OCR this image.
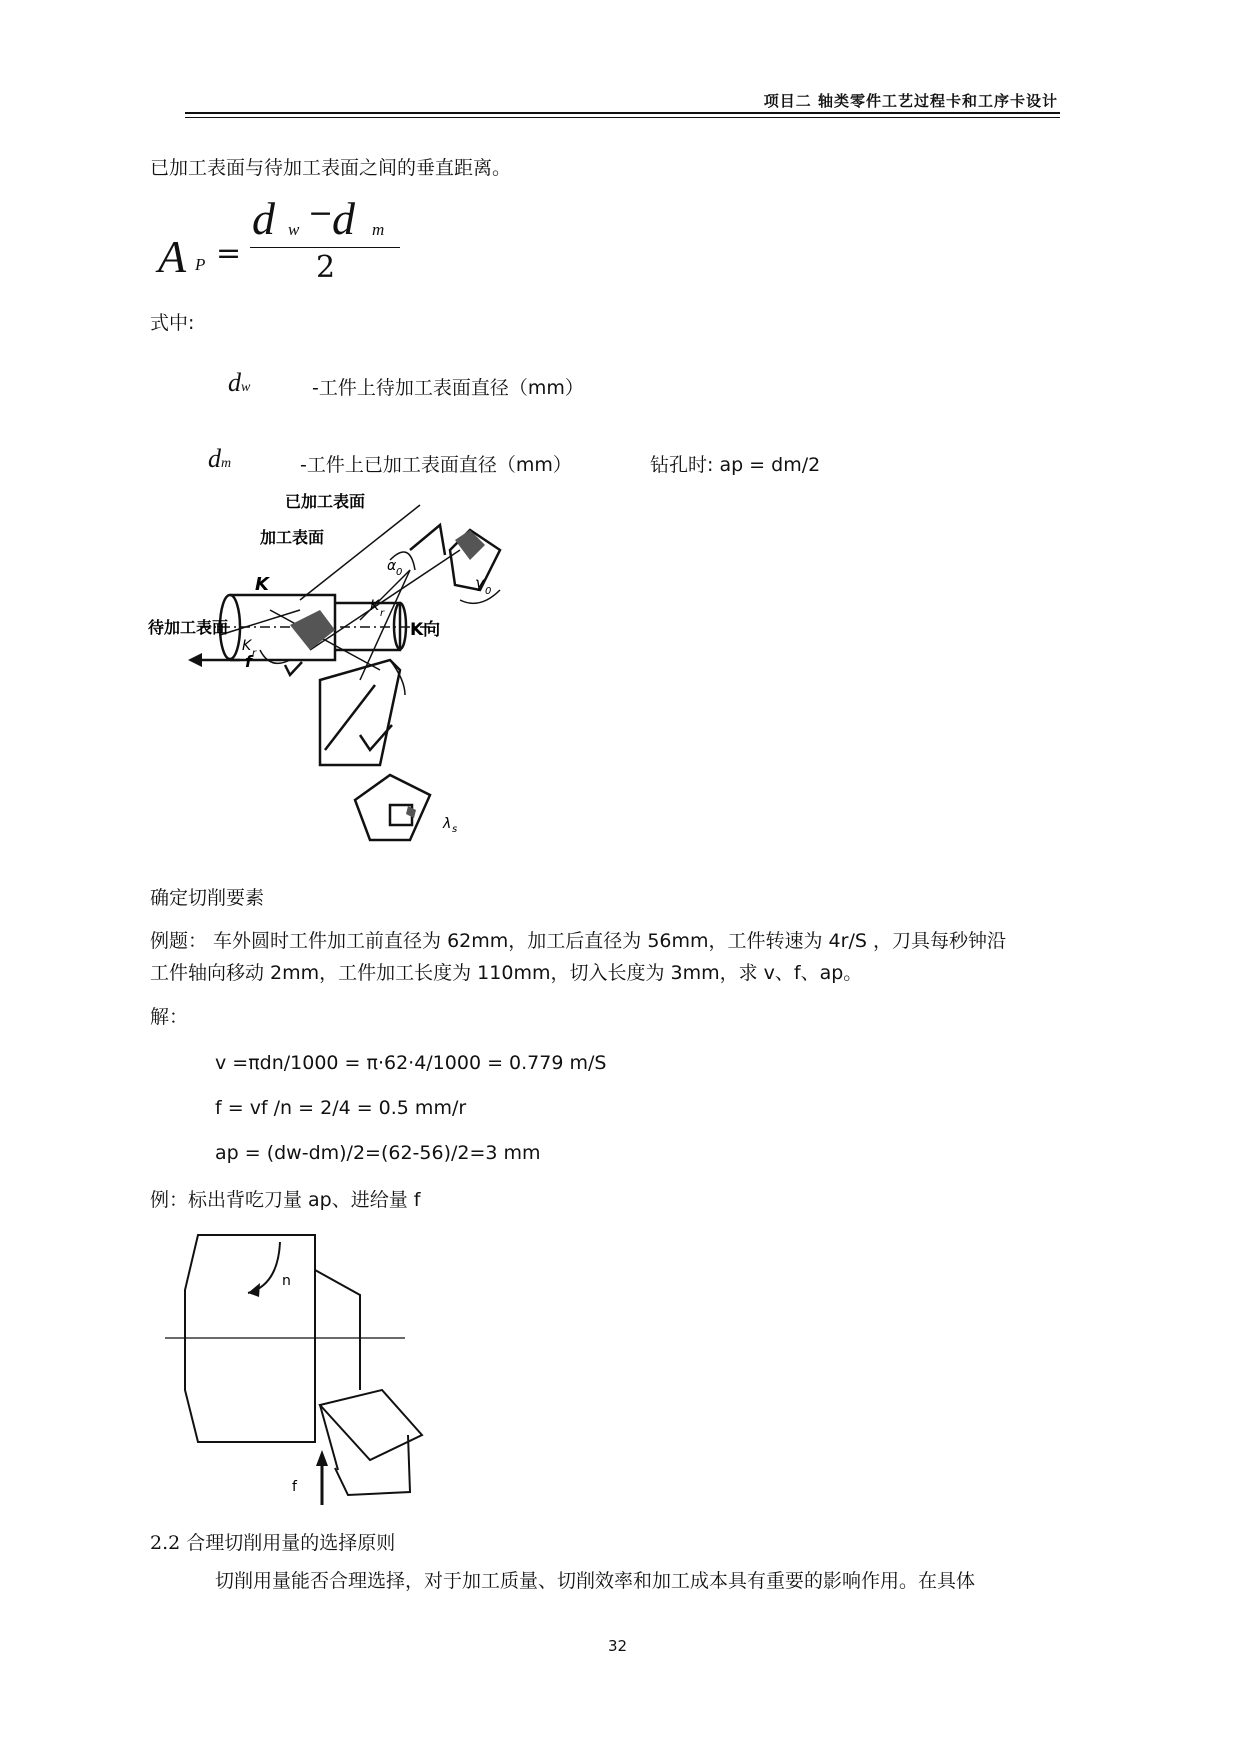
项目二 轴类零件工艺过程卡和工序卡设计
已加工表面与待加工表面之间的垂直距离。
A P =
d w −
d m
2
式中:
dw	-工件上待加工表面直径（mm）
dm	-工件上已加工表面直径（mm）	钻孔时: ap = dm/2
已加工表面
加工表面
待加工表面
K
f
K向
α 0
γ 0
K r
K r
λ s
确定切削要素
例题： 车外圆时工件加工前直径为 62mm，加工后直径为 56mm，工件转速为 4r/S ，刀具每秒钟沿
工件轴向移动 2mm，工件加工长度为 110mm，切入长度为 3mm，求 v、f、ap。
解：
v =πdn/1000 = π·62·4/1000 = 0.779 m/S
f = vf /n = 2/4 = 0.5 mm/r
ap = (dw-dm)/2=(62-56)/2=3 mm
例：标出背吃刀量 ap、进给量 f
n
f
2.2 合理切削用量的选择原则
切削用量能否合理选择，对于加工质量、切削效率和加工成本具有重要的影响作用。在具体
32
